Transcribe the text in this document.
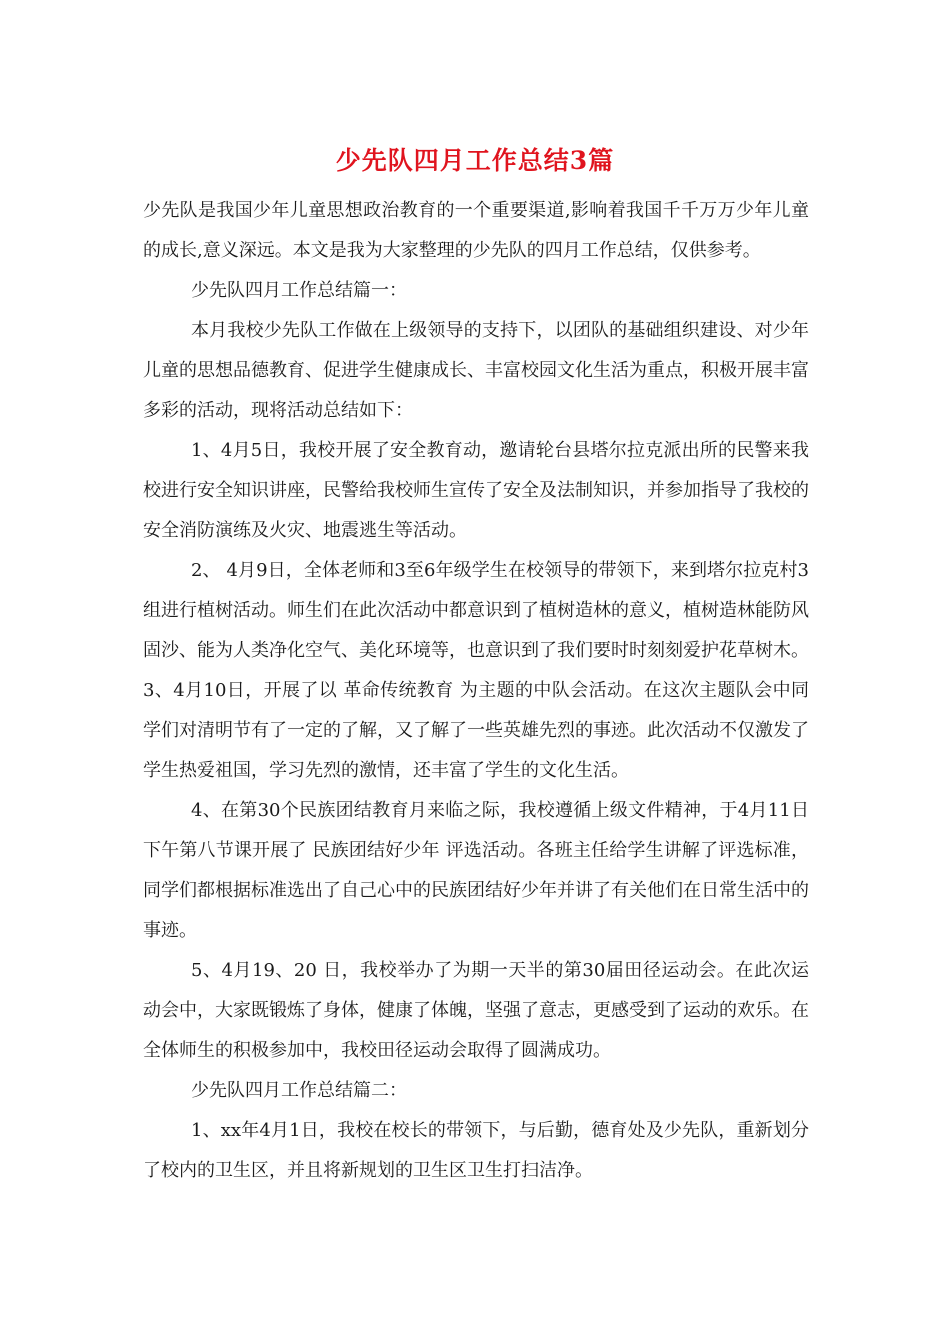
少先队四月工作总结3篇

少先队是我国少年儿童思想政治教育的一个重要渠道,影响着我国千千万万少年儿童的成长,意义深远。本文是我为大家整理的少先队的四月工作总结，仅供参考。

少先队四月工作总结篇一：

本月我校少先队工作做在上级领导的支持下，以团队的基础组织建设、对少年儿童的思想品德教育、促进学生健康成长、丰富校园文化生活为重点，积极开展丰富多彩的活动，现将活动总结如下：

1、4月5日，我校开展了安全教育动，邀请轮台县塔尔拉克派出所的民警来我校进行安全知识讲座，民警给我校师生宣传了安全及法制知识，并参加指导了我校的安全消防演练及火灾、地震逃生等活动。

2、 4月9日，全体老师和3至6年级学生在校领导的带领下，来到塔尔拉克村3组进行植树活动。师生们在此次活动中都意识到了植树造林的意义，植树造林能防风固沙、能为人类净化空气、美化环境等，也意识到了我们要时时刻刻爱护花草树木。 3、4月10日，开展了以 革命传统教育 为主题的中队会活动。在这次主题队会中同学们对清明节有了一定的了解，又了解了一些英雄先烈的事迹。此次活动不仅激发了学生热爱祖国，学习先烈的激情，还丰富了学生的文化生活。

4、在第30个民族团结教育月来临之际，我校遵循上级文件精神，于4月11日下午第八节课开展了 民族团结好少年 评选活动。各班主任给学生讲解了评选标准，同学们都根据标准选出了自己心中的民族团结好少年并讲了有关他们在日常生活中的事迹。

5、4月19、20 日，我校举办了为期一天半的第30届田径运动会。在此次运动会中，大家既锻炼了身体，健康了体魄，坚强了意志，更感受到了运动的欢乐。在全体师生的积极参加中，我校田径运动会取得了圆满成功。

少先队四月工作总结篇二：

1、xx年4月1日，我校在校长的带领下，与后勤，德育处及少先队，重新划分了校内的卫生区，并且将新规划的卫生区卫生打扫洁净。
